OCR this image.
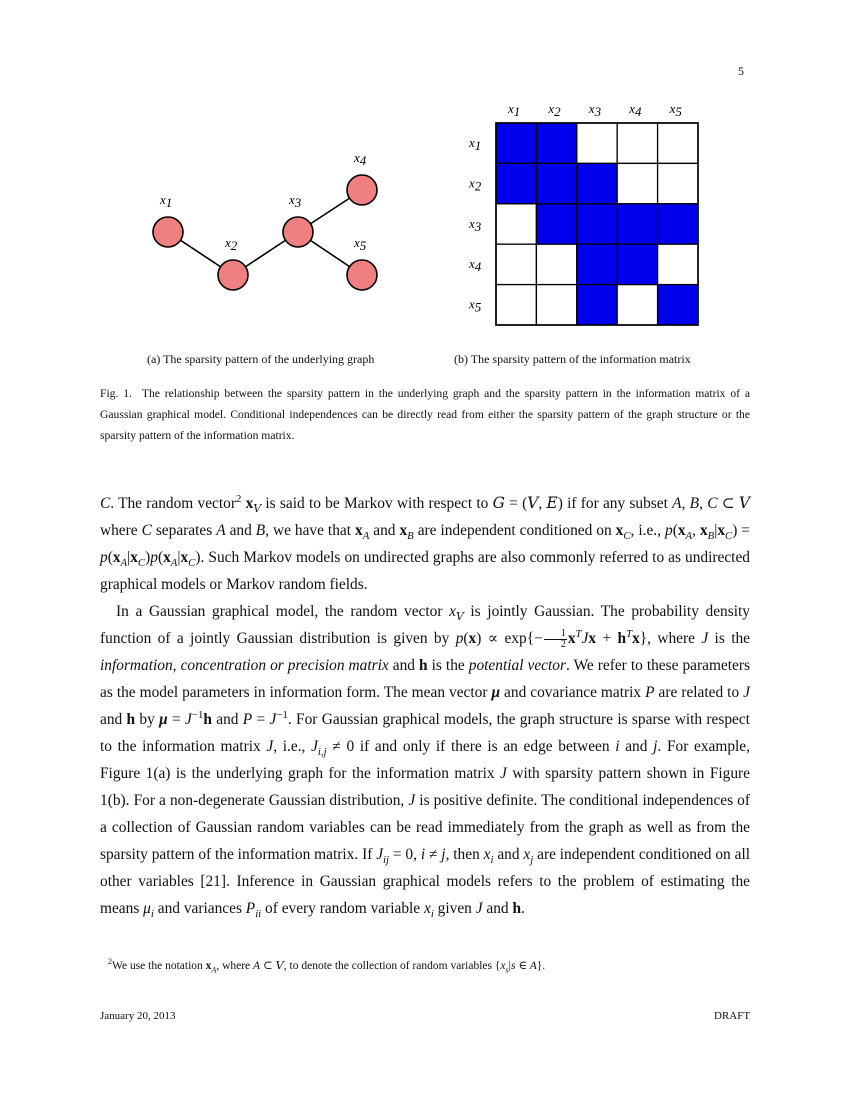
5
x1
x2
x3
x4
x5
x1
x1
x2
x2
x3
x3
x4
x4
x5
x5
(a) The sparsity pattern of the underlying graph	(b) The sparsity pattern of the information matrix
Fig. 1. The relationship between the sparsity pattern in the underlying graph and the sparsity pattern in the information matrix of a Gaussian graphical model. Conditional independences can be directly read from either the sparsity pattern of the graph structure or the sparsity pattern of the information matrix.

C. The random vector$^2$ $x_V$ is said to be Markov with respect to G = (V, E) if for any subset A, B, C ⊂ V where C separates A and B, we have that $x_A$ and $x_B$ are independent conditioned on $x_C$, i.e., $p(x_A$, $x_B|x_C) = p(x_A|x_C)p(x_A|x_C)$. Such Markov models on undirected graphs are also commonly referred to as undirected graphical models or Markov random fields.

In a Gaussian graphical model, the random vector $x_V$ is jointly Gaussian. The probability density function of a jointly Gaussian distribution is given by $p(x) \propto \exp\{- \frac{1}{2} x^TJx + h^Tx\}$, where J is the information, concentration or precision matrix and h is the potential vector. We refer to these parameters as the model parameters in information form. The mean vector μ and covariance matrix P are related to J and h by $\mu = J^{-1}h$ and $P = J^{-1}$. For Gaussian graphical models, the graph structure is sparse with respect to the information matrix J, i.e., $J_{i,j} \ne 0$ if and only if there is an edge between i and j. For example, Figure 1(a) is the underlying graph for the information matrix J with sparsity pattern shown in Figure 1(b). For a non-degenerate Gaussian distribution, J is positive definite. The conditional independences of a collection of Gaussian random variables can be read immediately from the graph as well as from the sparsity pattern of the information matrix. If $J_{ij} = 0$, i ≠ j, then $x_i$ and $x_j$ are independent conditioned on all other variables [21]. Inference in Gaussian graphical models refers to the problem of estimating the means $\mu_i$ and variances $P_{ii}$ of every random variable $x_i$ given J and h.

$^2$We use the notation $x_A$, where A ⊂ V, to denote the collection of random variables {$x_s|s$ ∈ A}.
January 20, 2013	DRAFT
